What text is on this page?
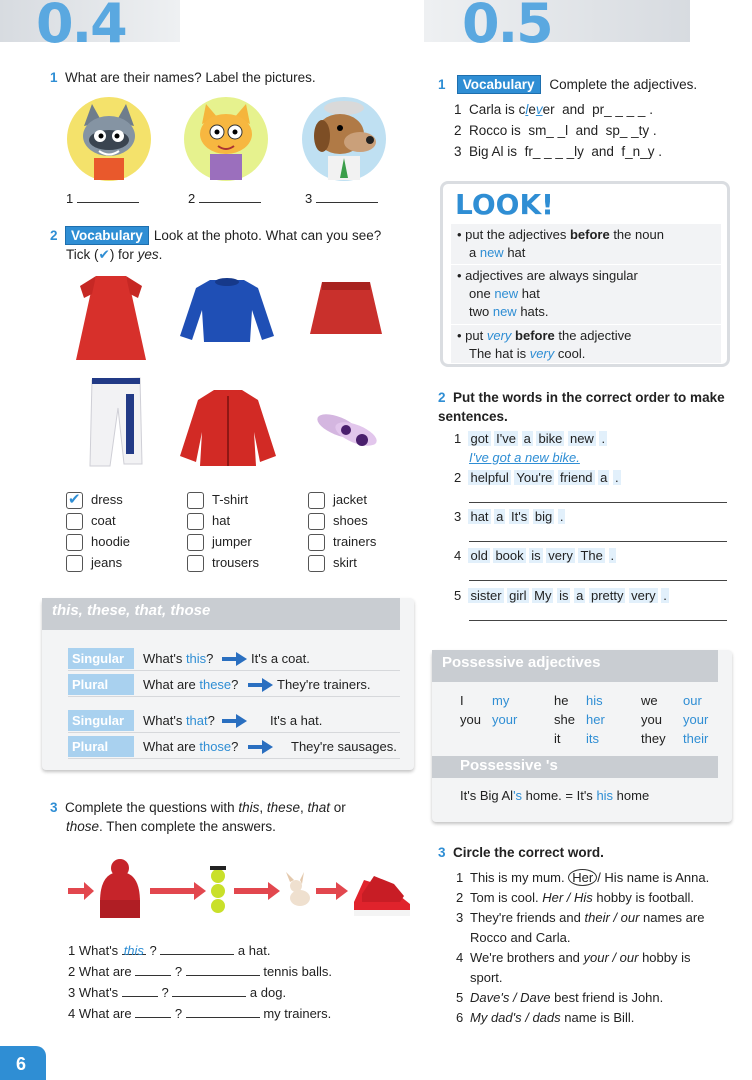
0.4
1 What are their names? Label the pictures.
1	2	3
2 Vocabulary Look at the photo. What can you see?
Tick (✔) for yes.
✔dress	T-shirt	jacket
coat	hat	shoes
hoodie	jumper	trainers
jeans	trousers	skirt
this, these, that, those
Singular	What's this?	It's a coat.
Plural	What are these?	They're trainers.
Singular	What's that?	It's a hat.
Plural	What are those?	They're sausages.
3 Complete the questions with this, these, that or
those. Then complete the answers.
1 What's this ?	a hat.
2 What are	?	tennis balls.
3 What's	?	a dog.
4 What are	?	my trainers.
6
0.5
1 Vocabulary Complete the adjectives.
1 Carla is clever and pr_ _ _ _ .
2 Rocco is sm_ _l and sp_ _ty .
3 Big Al is fr_ _ _ _ly and f_n_y .
LOOK!
• put the adjectives before the noun
a new hat
• adjectives are always singular
one new hat
two new hats.
• put very before the adjective
The hat is very cool.
2 Put the words in the correct order to make sentences.
1 got I've a bike new .
I've got a new bike.
2 helpful You're friend a .
3 hat a It's big .
4 old book is very The .
5 sister girl My is a pretty very .
Possessive adjectives
I my
you your
he his
she her
it its
we our
you your
they their
Possessive 's
It's Big Al's home. = It's his home
3 Circle the correct word.
1 This is my mum. Her / His name is Anna.
2 Tom is cool. Her / His hobby is football.
3 They're friends and their / our names are
Rocco and Carla.
4 We're brothers and your / our hobby is
sport.
5 Dave's / Dave best friend is John.
6 My dad's / dads name is Bill.
